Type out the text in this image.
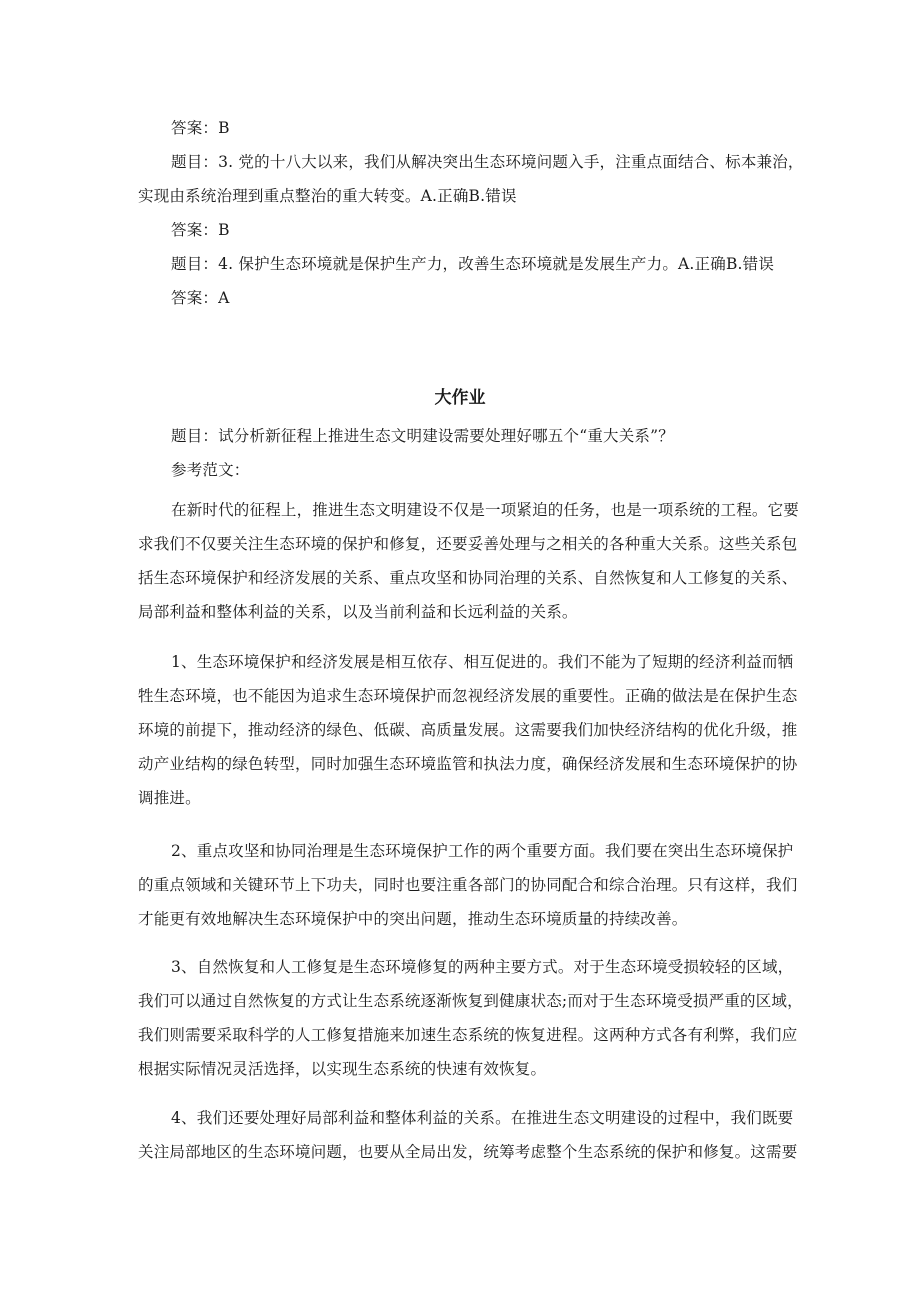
答案：B
题目：3. 党的十八大以来，我们从解决突出生态环境问题入手，注重点面结合、标本兼治，
实现由系统治理到重点整治的重大转变。A.正确B.错误
答案：B
题目：4. 保护生态环境就是保护生产力，改善生态环境就是发展生产力。A.正确B.错误
答案：A
大作业
题目：试分析新征程上推进生态文明建设需要处理好哪五个“重大关系”？
参考范文：
在新时代的征程上，推进生态文明建设不仅是一项紧迫的任务，也是一项系统的工程。它要
求我们不仅要关注生态环境的保护和修复，还要妥善处理与之相关的各种重大关系。这些关系包
括生态环境保护和经济发展的关系、重点攻坚和协同治理的关系、自然恢复和人工修复的关系、
局部利益和整体利益的关系，以及当前利益和长远利益的关系。
1、生态环境保护和经济发展是相互依存、相互促进的。我们不能为了短期的经济利益而牺
牲生态环境，也不能因为追求生态环境保护而忽视经济发展的重要性。正确的做法是在保护生态
环境的前提下，推动经济的绿色、低碳、高质量发展。这需要我们加快经济结构的优化升级，推
动产业结构的绿色转型，同时加强生态环境监管和执法力度，确保经济发展和生态环境保护的协
调推进。
2、重点攻坚和协同治理是生态环境保护工作的两个重要方面。我们要在突出生态环境保护
的重点领域和关键环节上下功夫，同时也要注重各部门的协同配合和综合治理。只有这样，我们
才能更有效地解决生态环境保护中的突出问题，推动生态环境质量的持续改善。
3、自然恢复和人工修复是生态环境修复的两种主要方式。对于生态环境受损较轻的区域，
我们可以通过自然恢复的方式让生态系统逐渐恢复到健康状态;而对于生态环境受损严重的区域，
我们则需要采取科学的人工修复措施来加速生态系统的恢复进程。这两种方式各有利弊，我们应
根据实际情况灵活选择，以实现生态系统的快速有效恢复。
4、我们还要处理好局部利益和整体利益的关系。在推进生态文明建设的过程中，我们既要
关注局部地区的生态环境问题，也要从全局出发，统筹考虑整个生态系统的保护和修复。这需要
